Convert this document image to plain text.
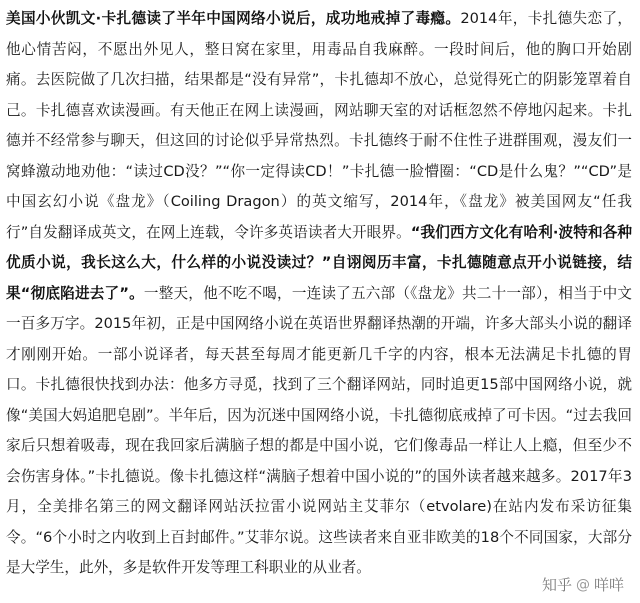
美国小伙凯文·卡扎德读了半年中国网络小说后，成功地戒掉了毒瘾。2014年，卡扎德失恋了，他心情苦闷，不愿出外见人，整日窝在家里，用毒品自我麻醉。一段时间后，他的胸口开始剧痛。去医院做了几次扫描，结果都是“没有异常”，卡扎德却不放心，总觉得死亡的阴影笼罩着自己。卡扎德喜欢读漫画。有天他正在网上读漫画，网站聊天室的对话框忽然不停地闪起来。卡扎德并不经常参与聊天，但这回的讨论似乎异常热烈。卡扎德终于耐不住性子进群围观，漫友们一窝蜂激动地劝他：“读过CD没？”“你一定得读CD！”卡扎德一脸懵圈：“CD是什么鬼？”“CD”是中国玄幻小说《盘龙》（Coiling Dragon）的英文缩写，2014年，《盘龙》被美国网友“任我行”自发翻译成英文，在网上连载，令许多英语读者大开眼界。“我们西方文化有哈利·波特和各种优质小说，我长这么大，什么样的小说没读过？”自诩阅历丰富，卡扎德随意点开小说链接，结果“彻底陷进去了”。一整天，他不吃不喝，一连读了五六部（《盘龙》共二十一部），相当于中文一百多万字。2015年初，正是中国网络小说在英语世界翻译热潮的开端，许多大部头小说的翻译才刚刚开始。一部小说译者，每天甚至每周才能更新几千字的内容，根本无法满足卡扎德的胃口。卡扎德很快找到办法：他多方寻觅，找到了三个翻译网站，同时追更15部中国网络小说，就像“美国大妈追肥皂剧”。半年后，因为沉迷中国网络小说，卡扎德彻底戒掉了可卡因。“过去我回家后只想着吸毒，现在我回家后满脑子想的都是中国小说，它们像毒品一样让人上瘾，但至少不会伤害身体。”卡扎德说。像卡扎德这样“满脑子想着中国小说的”的国外读者越来越多。2017年3月，全美排名第三的网文翻译网站沃拉雷小说网站主艾菲尔（etvolare)在站内发布采访征集令。“6个小时之内收到上百封邮件。”艾菲尔说。这些读者来自亚非欧美的18个不同国家，大部分是大学生，此外，多是软件开发等理工科职业的从业者。

知乎 @ 咩咩
